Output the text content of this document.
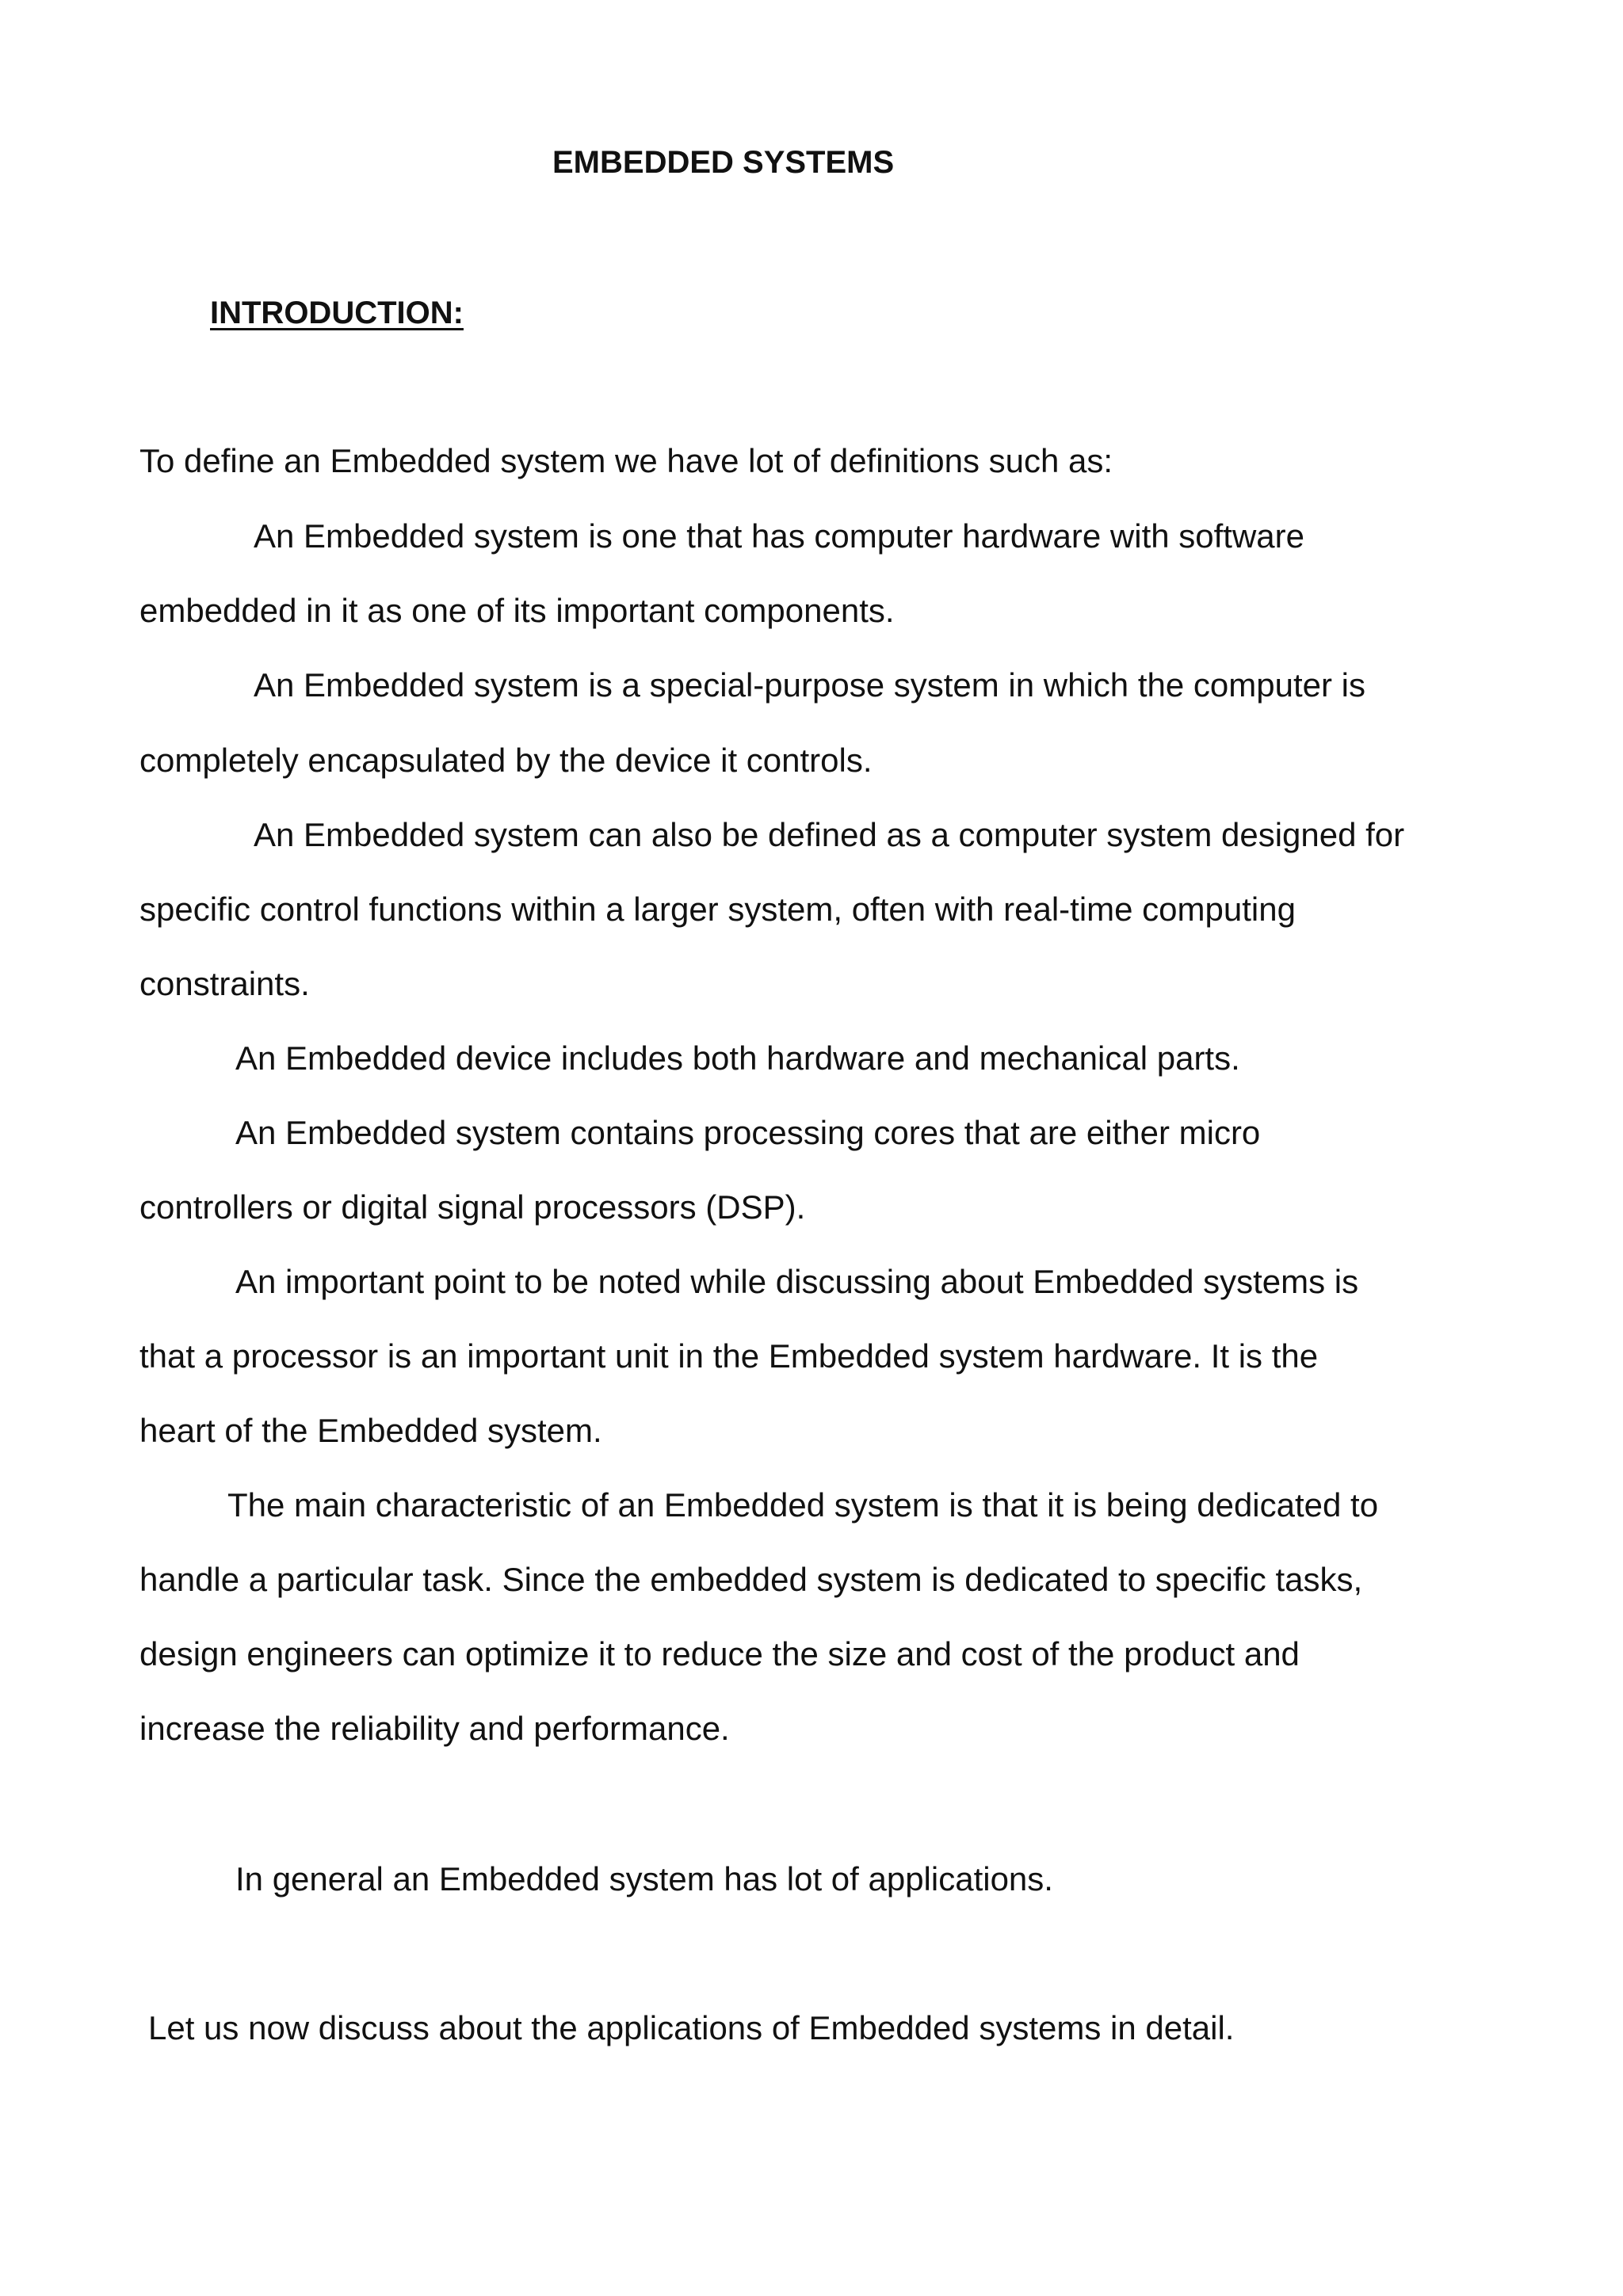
EMBEDDED SYSTEMS
INTRODUCTION:

To define an Embedded system we have lot of definitions such as:

An Embedded system is one that has computer hardware with software

embedded in it as one of its important components.

An Embedded system is a special-purpose system in which the computer is

completely encapsulated by the device it controls.

An Embedded system can also be defined as a computer system designed for

specific control functions within a larger system, often with real-time computing

constraints.

An Embedded device includes both hardware and mechanical parts.

An Embedded system contains processing cores that are either micro

controllers or digital signal processors (DSP).

An important point to be noted while discussing about Embedded systems is

that a processor is an important unit in the Embedded system hardware. It is the

heart of the Embedded system.

The main characteristic of an Embedded system is that it is being dedicated to

handle a particular task. Since the embedded system is dedicated to specific tasks,

design engineers can optimize it to reduce the size and cost of the product and

increase the reliability and performance.

In general an Embedded system has lot of applications.

Let us now discuss about the applications of Embedded systems in detail.
